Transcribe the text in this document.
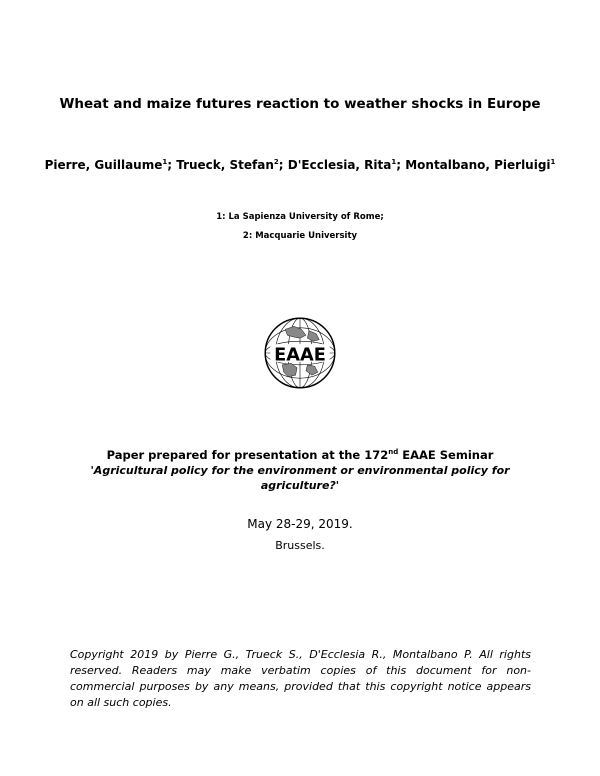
Wheat and maize futures reaction to weather shocks in Europe
Pierre, Guillaume$^1$; Trueck, Stefan$^2$; D'Ecclesia, Rita$^1$; Montalbano, Pierluigi$^1$
1: La Sapienza University of Rome;
2: Macquarie University
EAAE
Paper prepared for presentation at the 172nd EAAE Seminar
'Agricultural policy for the environment or environmental policy for agriculture?'
May 28-29, 2019.
Brussels.
Copyright 2019 by Pierre G., Trueck S., D'Ecclesia R., Montalbano P. All rights reserved. Readers may make verbatim copies of this document for non-commercial purposes by any means, provided that this copyright notice appears on all such copies.
